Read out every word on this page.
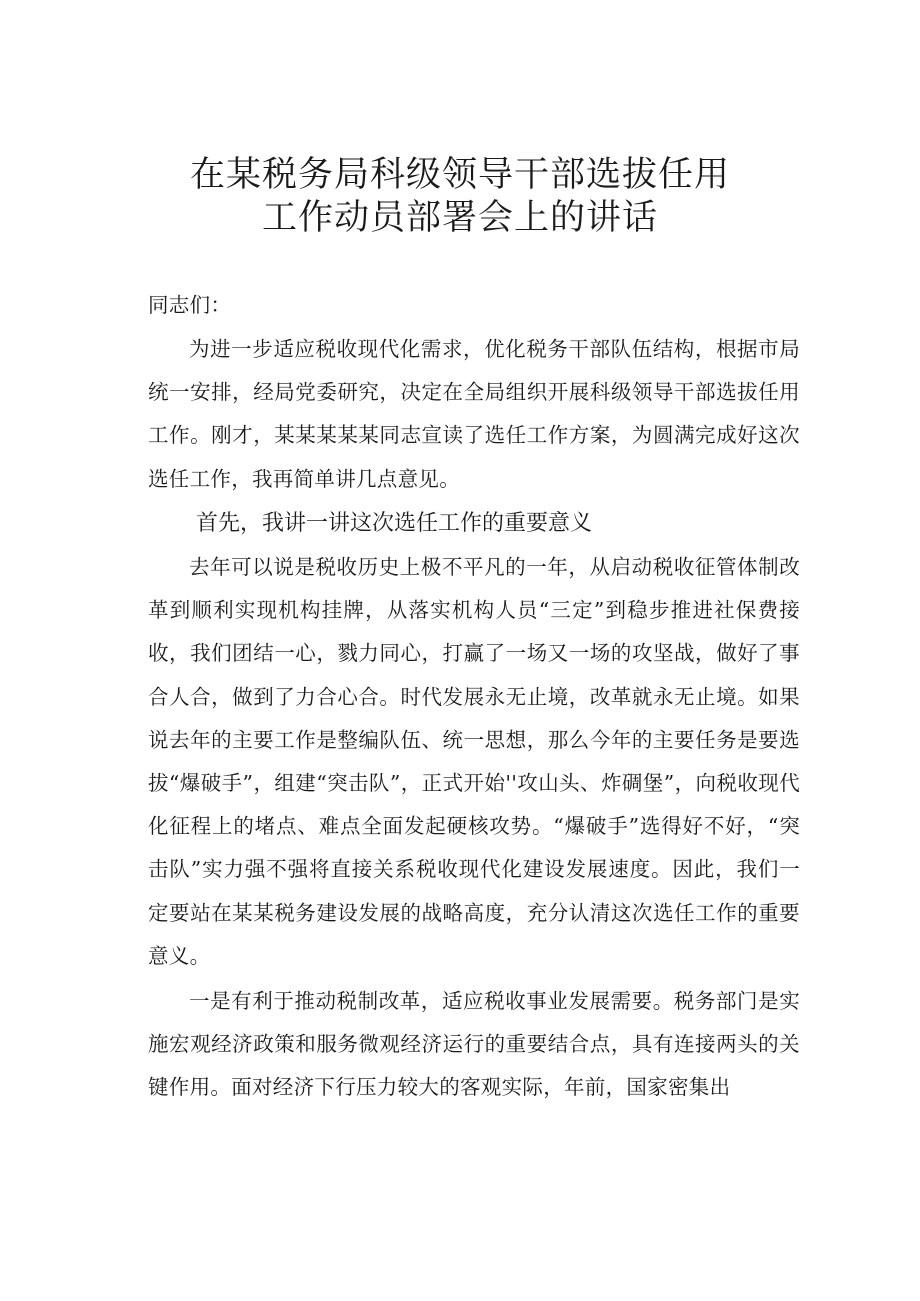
在某税务局科级领导干部选拔任用
工作动员部署会上的讲话

同志们：

为进一步适应税收现代化需求，优化税务干部队伍结构，根据市局统一安排，经局党委研究，决定在全局组织开展科级领导干部选拔任用工作。刚才，某某某某某同志宣读了选任工作方案，为圆满完成好这次选任工作，我再简单讲几点意见。

首先，我讲一讲这次选任工作的重要意义

去年可以说是税收历史上极不平凡的一年，从启动税收征管体制改革到顺利实现机构挂牌，从落实机构人员“三定”到稳步推进社保费接收，我们团结一心，戮力同心，打赢了一场又一场的攻坚战，做好了事合人合，做到了力合心合。时代发展永无止境，改革就永无止境。如果说去年的主要工作是整编队伍、统一思想，那么今年的主要任务是要选拔“爆破手”，组建“突击队”，正式开始''攻山头、炸碉堡”，向税收现代化征程上的堵点、难点全面发起硬核攻势。“爆破手”选得好不好，“突击队”实力强不强将直接关系税收现代化建设发展速度。因此，我们一定要站在某某税务建设发展的战略高度，充分认清这次选任工作的重要意义。

一是有利于推动税制改革，适应税收事业发展需要。税务部门是实施宏观经济政策和服务微观经济运行的重要结合点，具有连接两头的关键作用。面对经济下行压力较大的客观实际，年前，国家密集出
